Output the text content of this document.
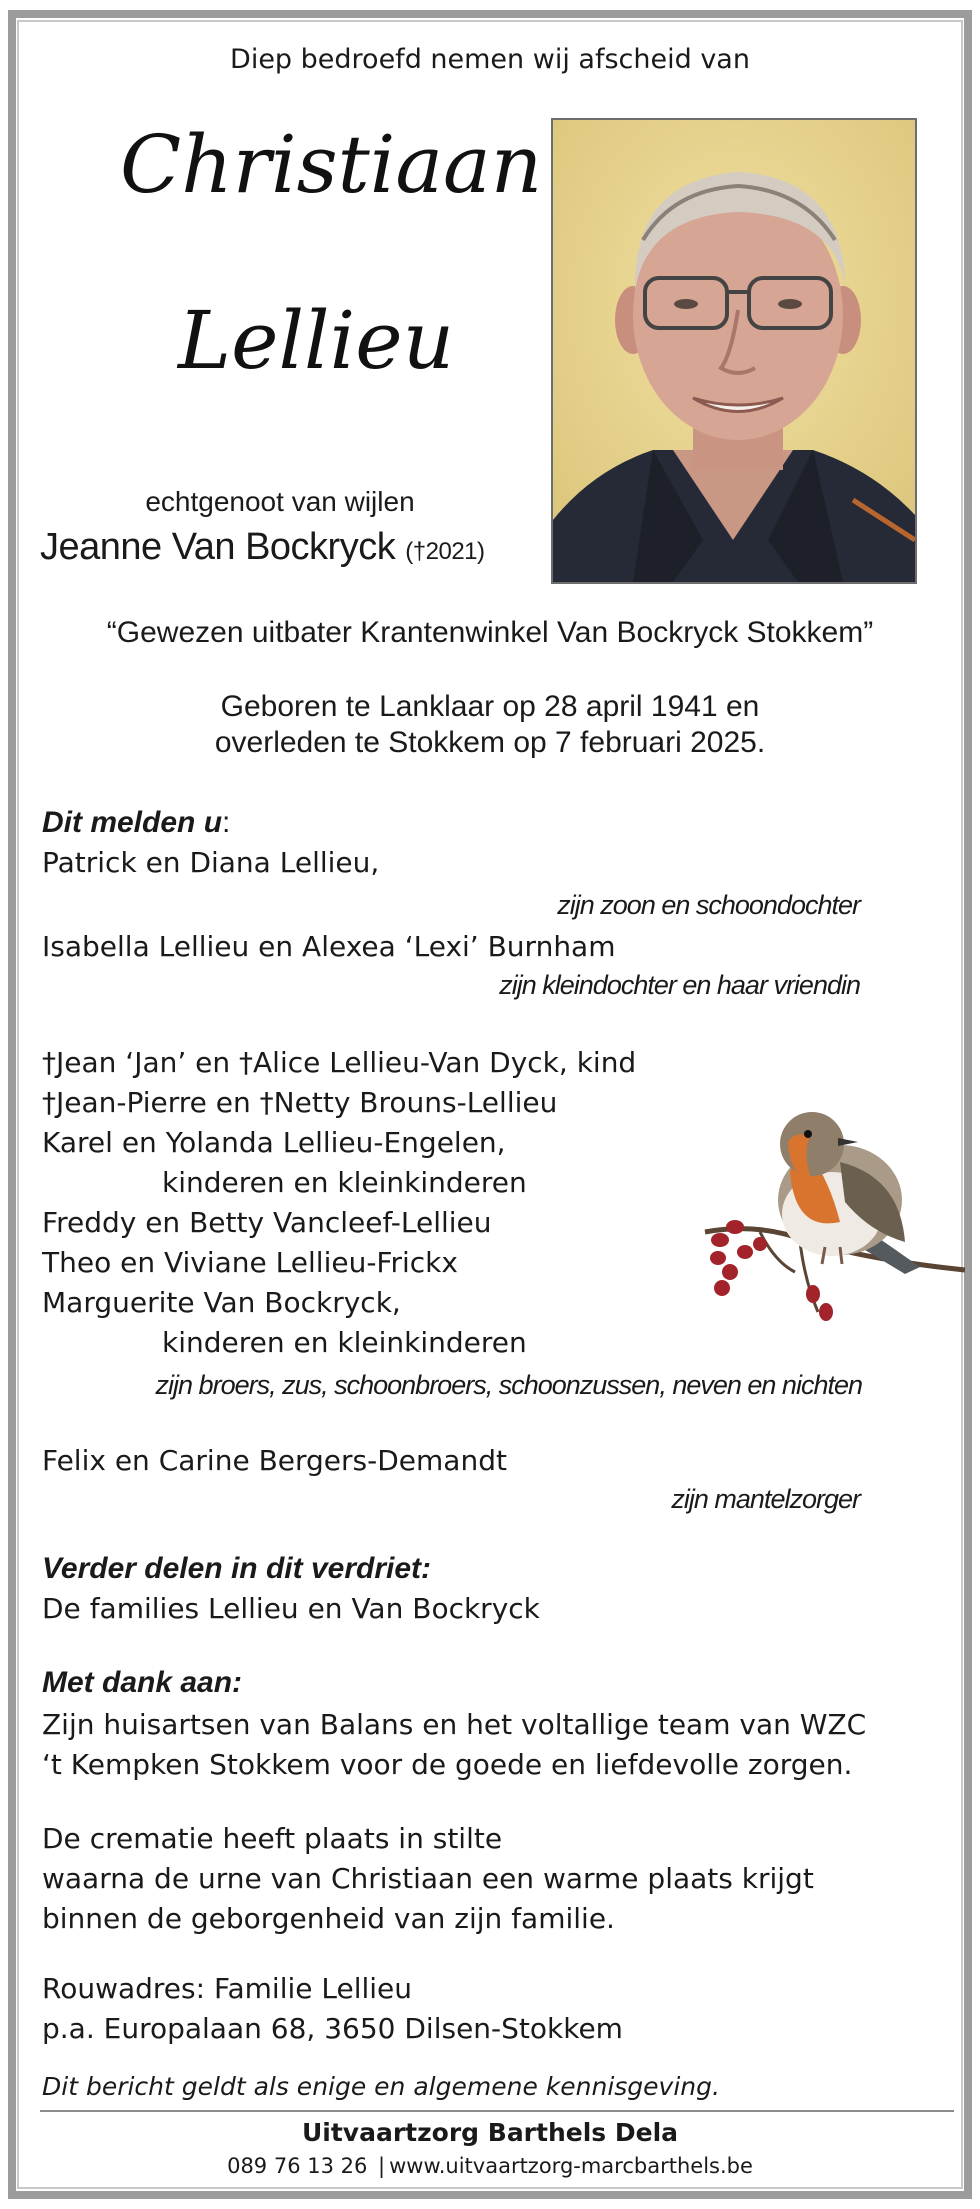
Diep bedroefd nemen wij afscheid van
Christiaan
Lellieu
echtgenoot van wijlen
Jeanne Van Bockryck (†2021)
“Gewezen uitbater Krantenwinkel Van Bockryck Stokkem”
Geboren te Lanklaar op 28 april 1941 en
overleden te Stokkem op 7 februari 2025.
Dit melden u:
Patrick en Diana Lellieu,
zijn zoon en schoondochter
Isabella Lellieu en Alexea ‘Lexi’ Burnham
zijn kleindochter en haar vriendin
†Jean ‘Jan’ en †Alice Lellieu-Van Dyck, kind
†Jean-Pierre en †Netty Brouns-Lellieu
Karel en Yolanda Lellieu-Engelen,
kinderen en kleinkinderen
Freddy en Betty Vancleef-Lellieu
Theo en Viviane Lellieu-Frickx
Marguerite Van Bockryck,
kinderen en kleinkinderen
zijn broers, zus, schoonbroers, schoonzussen, neven en nichten
Felix en Carine Bergers-Demandt
zijn mantelzorger
Verder delen in dit verdriet:
De families Lellieu en Van Bockryck
Met dank aan:
Zijn huisartsen van Balans en het voltallige team van WZC
‘t Kempken Stokkem voor de goede en liefdevolle zorgen.
De crematie heeft plaats in stilte
waarna de urne van Christiaan een warme plaats krijgt
binnen de geborgenheid van zijn familie.
Rouwadres: Familie Lellieu
p.a. Europalaan 68, 3650 Dilsen-Stokkem
Dit bericht geldt als enige en algemene kennisgeving.
Uitvaartzorg Barthels Dela
089 76 13 26 | www.uitvaartzorg-marcbarthels.be
